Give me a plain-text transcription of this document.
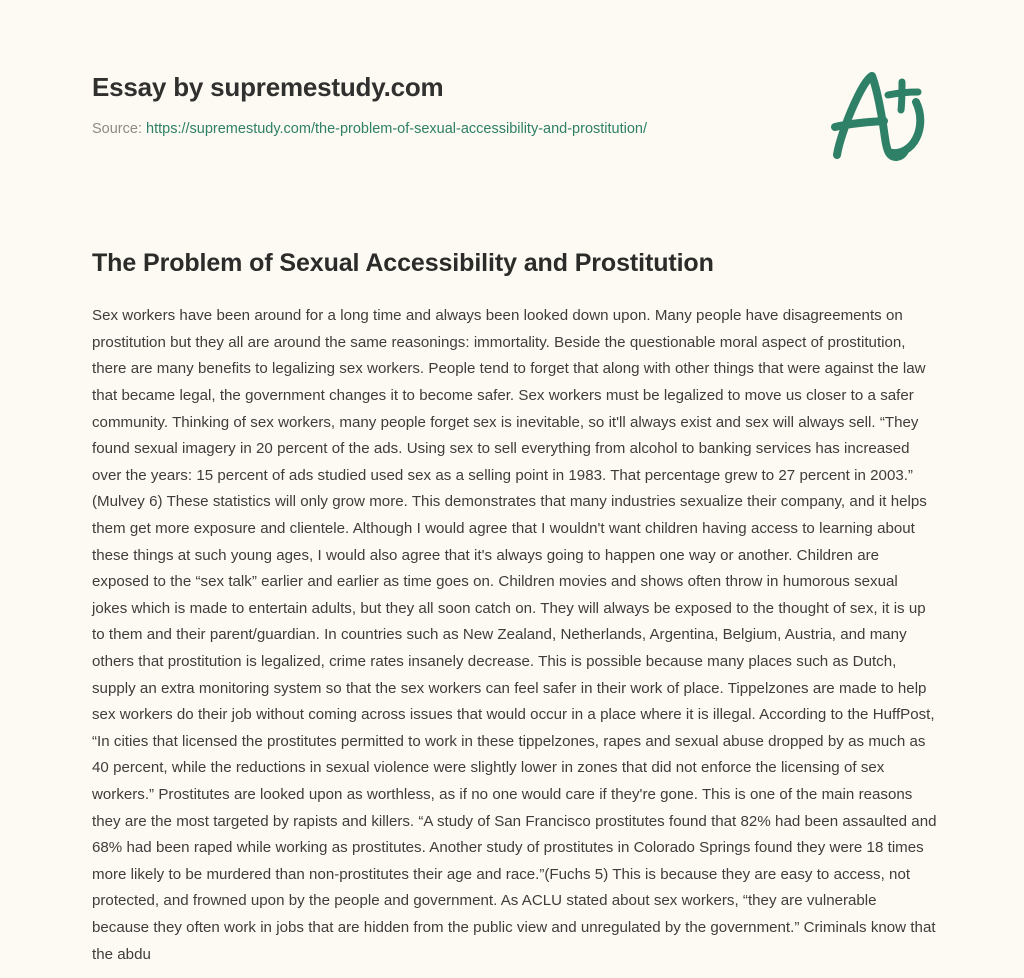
Essay by supremestudy.com
Source: https://supremestudy.com/the-problem-of-sexual-accessibility-and-prostitution/
The Problem of Sexual Accessibility and Prostitution

Sex workers have been around for a long time and always been looked down upon. Many people have disagreements on prostitution but they all are around the same reasonings: immortality. Beside the questionable moral aspect of prostitution, there are many benefits to legalizing sex workers. People tend to forget that along with other things that were against the law that became legal, the government changes it to become safer. Sex workers must be legalized to move us closer to a safer community. Thinking of sex workers, many people forget sex is inevitable, so it'll always exist and sex will always sell. “They found sexual imagery in 20 percent of the ads. Using sex to sell everything from alcohol to banking services has increased over the years: 15 percent of ads studied used sex as a selling point in 1983. That percentage grew to 27 percent in 2003.” (Mulvey 6) These statistics will only grow more. This demonstrates that many industries sexualize their company, and it helps them get more exposure and clientele. Although I would agree that I wouldn't want children having access to learning about these things at such young ages, I would also agree that it's always going to happen one way or another. Children are exposed to the “sex talk” earlier and earlier as time goes on. Children movies and shows often throw in humorous sexual jokes which is made to entertain adults, but they all soon catch on. They will always be exposed to the thought of sex, it is up to them and their parent/guardian. In countries such as New Zealand, Netherlands, Argentina, Belgium, Austria, and many others that prostitution is legalized, crime rates insanely decrease. This is possible because many places such as Dutch, supply an extra monitoring system so that the sex workers can feel safer in their work of place. Tippelzones are made to help sex workers do their job without coming across issues that would occur in a place where it is illegal. According to the HuffPost, “In cities that licensed the prostitutes permitted to work in these tippelzones, rapes and sexual abuse dropped by as much as 40 percent, while the reductions in sexual violence were slightly lower in zones that did not enforce the licensing of sex workers.” Prostitutes are looked upon as worthless, as if no one would care if they're gone. This is one of the main reasons they are the most targeted by rapists and killers. “A study of San Francisco prostitutes found that 82% had been assaulted and 68% had been raped while working as prostitutes. Another study of prostitutes in Colorado Springs found they were 18 times more likely to be murdered than non-prostitutes their age and race.”(Fuchs 5) This is because they are easy to access, not protected, and frowned upon by the people and government. As ACLU stated about sex workers, “they are vulnerable because they often work in jobs that are hidden from the public view and unregulated by the government.” Criminals know that the abdu
